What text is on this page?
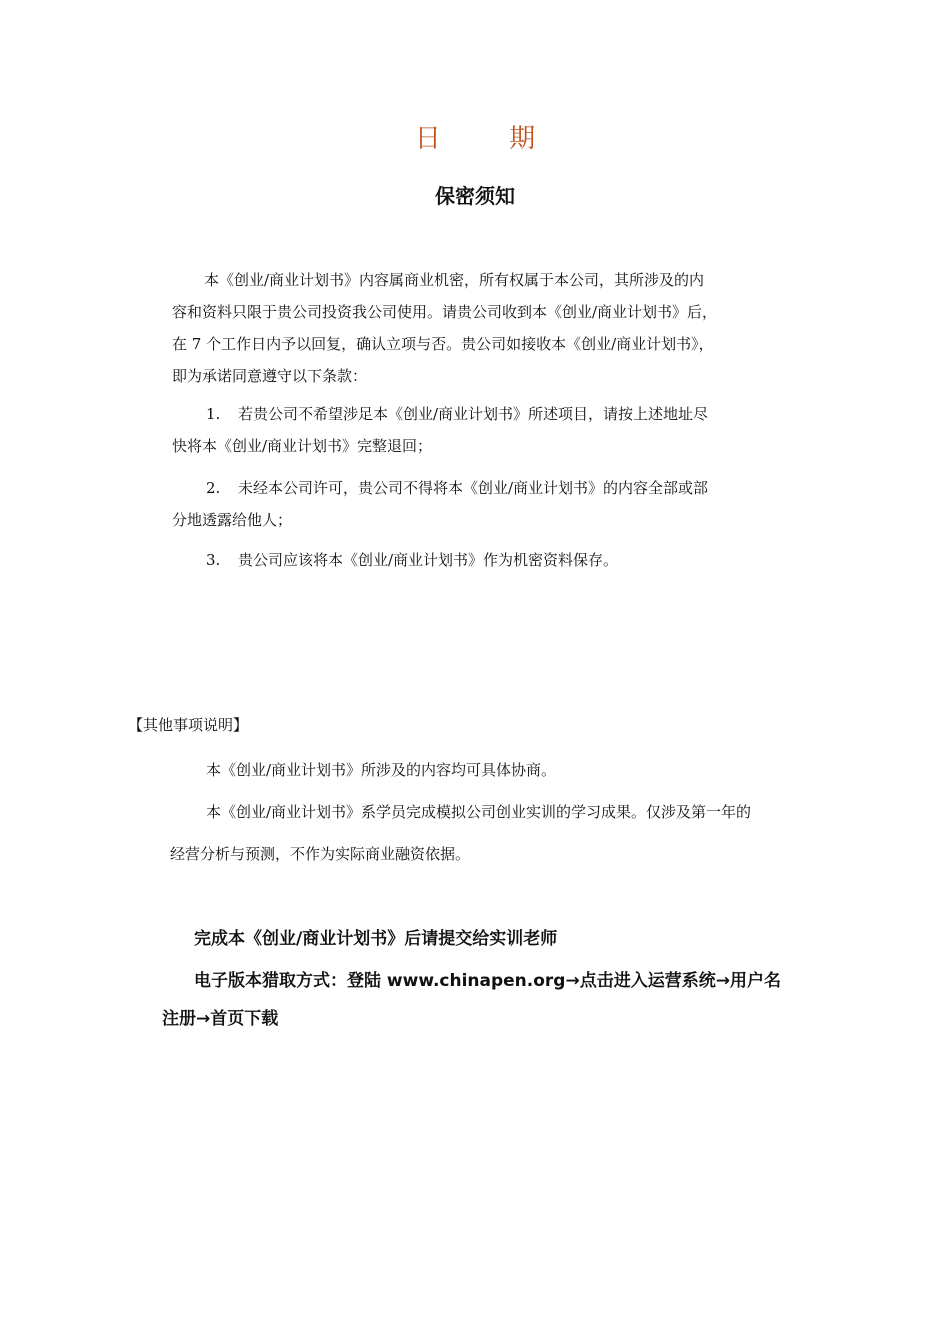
日 期
保密须知
本《创业/商业计划书》内容属商业机密，所有权属于本公司，其所涉及的内
容和资料只限于贵公司投资我公司使用。请贵公司收到本《创业/商业计划书》后，
在 7 个工作日内予以回复，确认立项与否。贵公司如接收本《创业/商业计划书》，
即为承诺同意遵守以下条款：
1. 若贵公司不希望涉足本《创业/商业计划书》所述项目，请按上述地址尽
快将本《创业/商业计划书》完整退回；
2. 未经本公司许可，贵公司不得将本《创业/商业计划书》的内容全部或部
分地透露给他人；
3. 贵公司应该将本《创业/商业计划书》作为机密资料保存。
【其他事项说明】
本《创业/商业计划书》所涉及的内容均可具体协商。
本《创业/商业计划书》系学员完成模拟公司创业实训的学习成果。仅涉及第一年的
经营分析与预测，不作为实际商业融资依据。
完成本《创业/商业计划书》后请提交给实训老师
电子版本猎取方式：登陆 www.chinapen.org→点击进入运营系统→用户名
注册→首页下载
